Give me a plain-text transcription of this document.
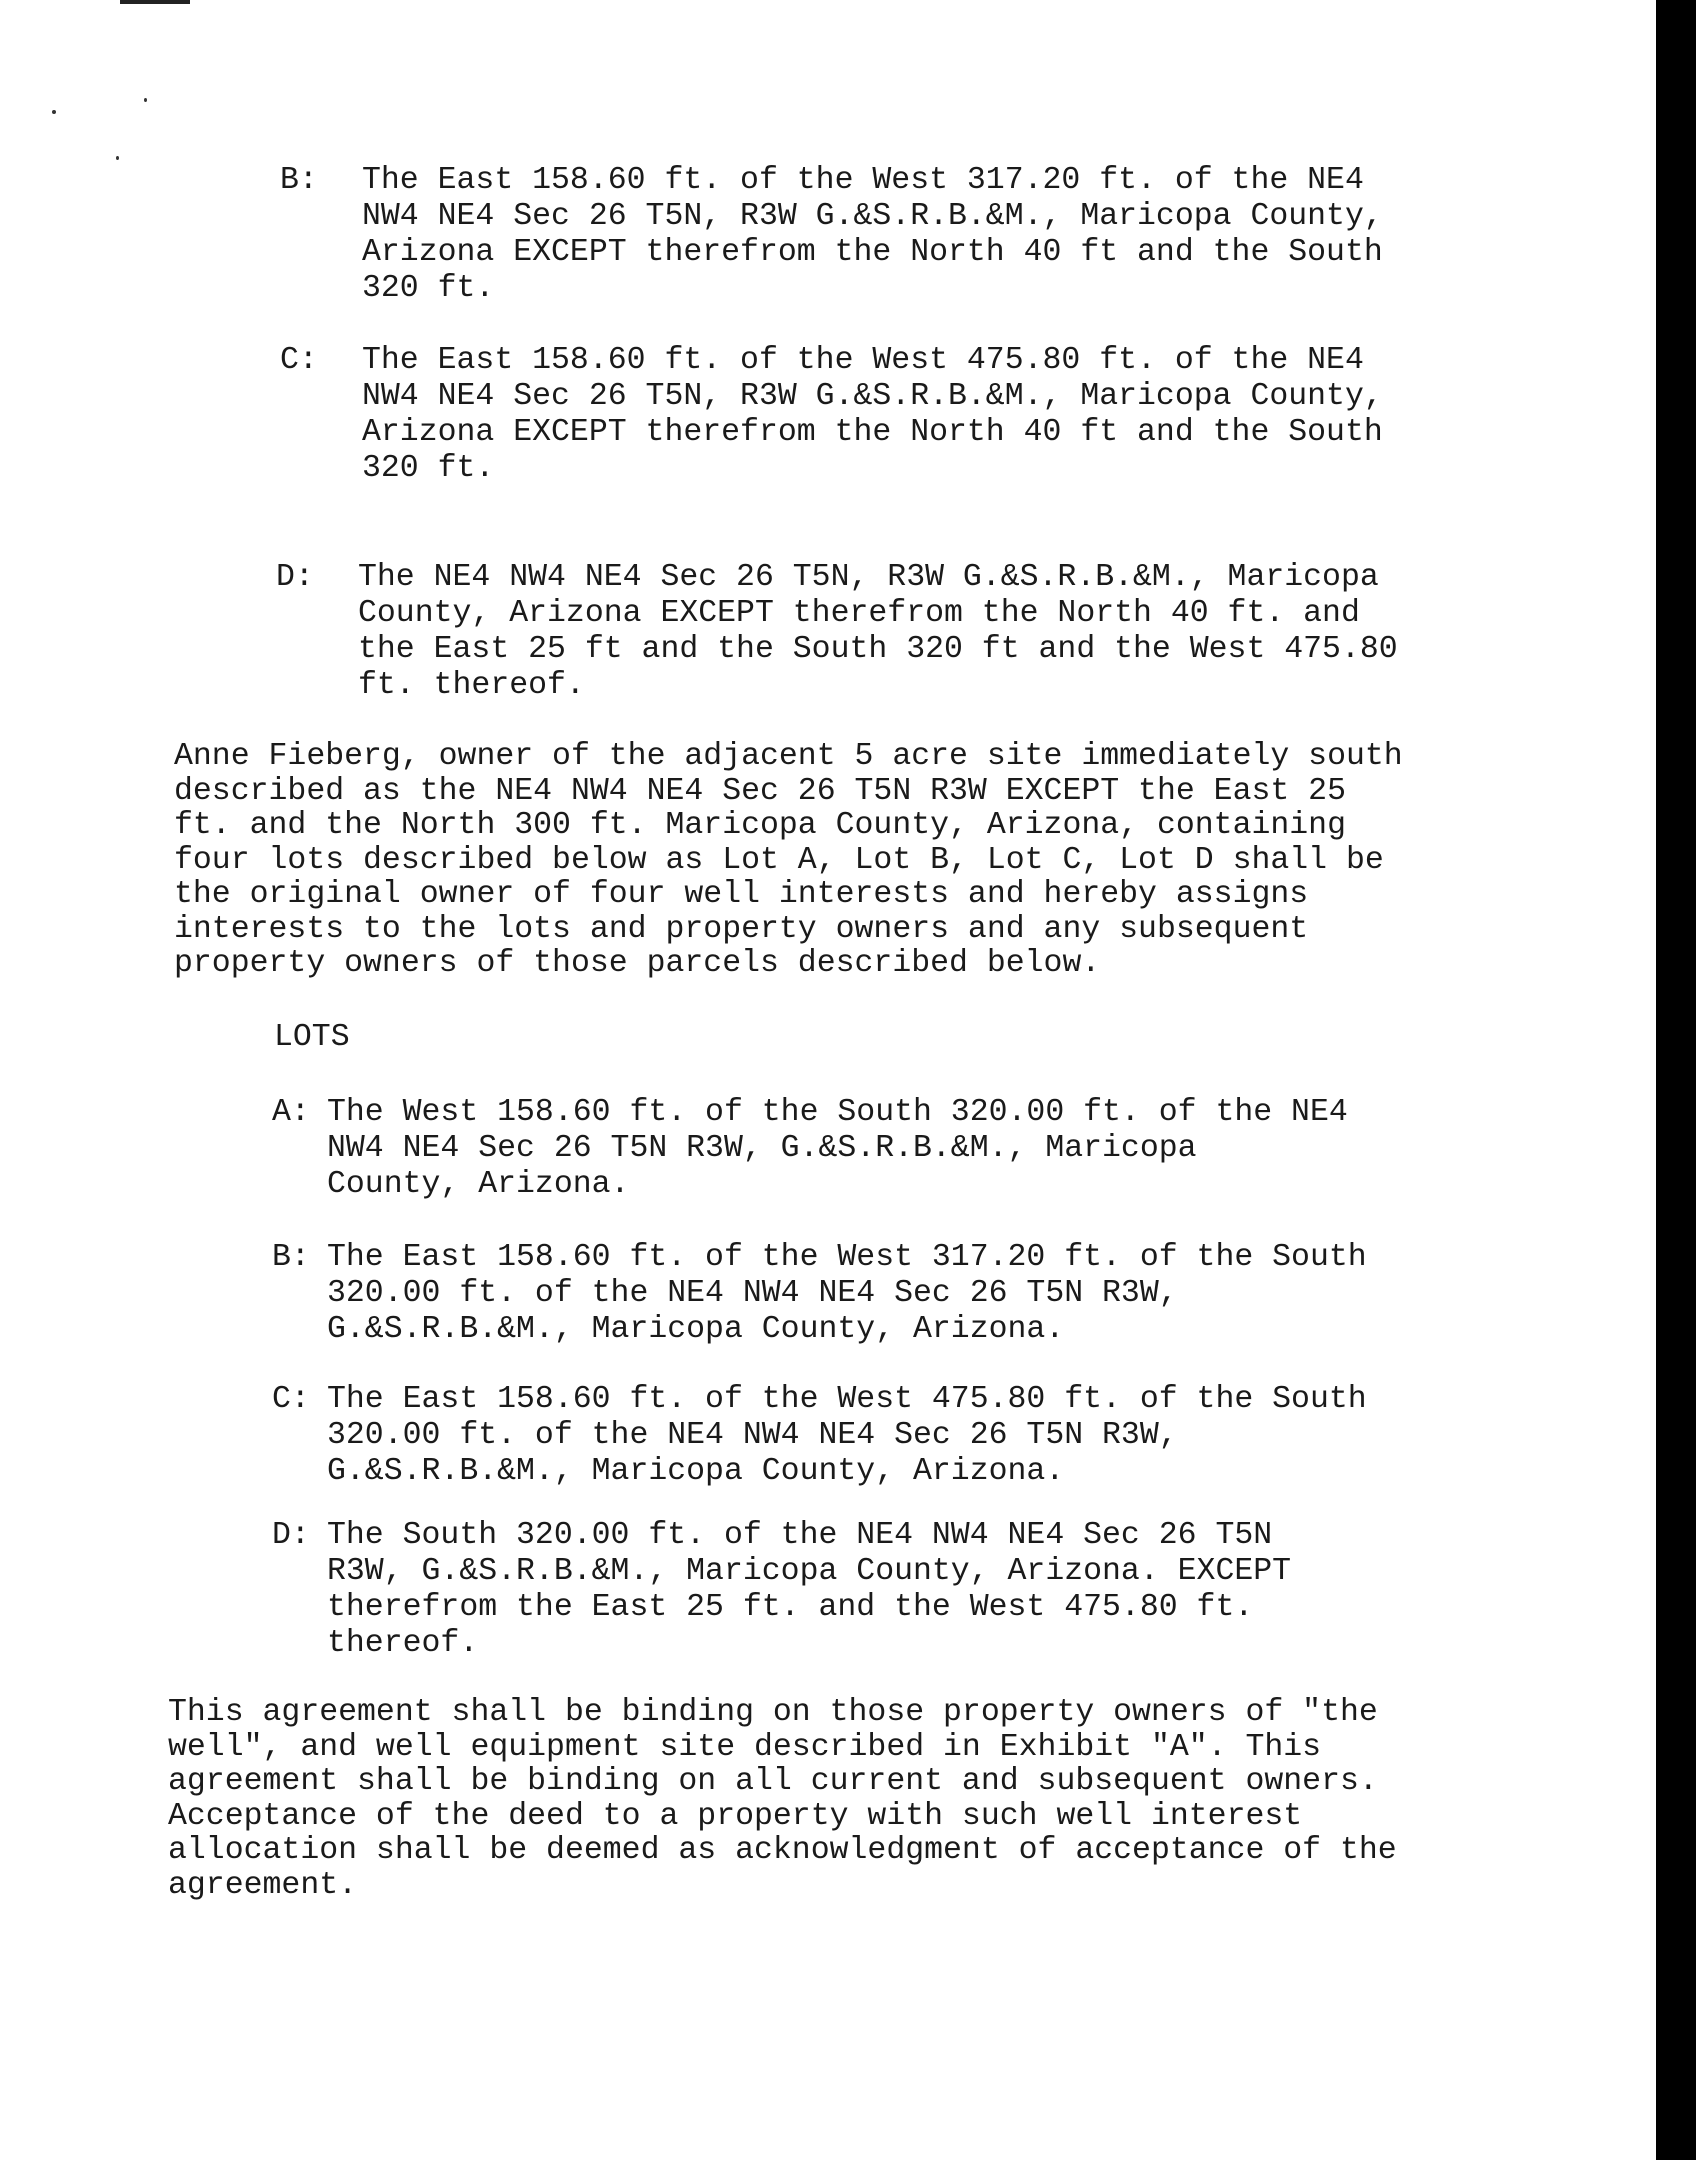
B:	The East 158.60 ft. of the West 317.20 ft. of the NE4
NW4 NE4 Sec 26 T5N, R3W G.&S.R.B.&M., Maricopa County,
Arizona EXCEPT therefrom the North 40 ft and the South
320 ft.
C:	The East 158.60 ft. of the West 475.80 ft. of the NE4
NW4 NE4 Sec 26 T5N, R3W G.&S.R.B.&M., Maricopa County,
Arizona EXCEPT therefrom the North 40 ft and the South
320 ft.
D:	The NE4 NW4 NE4 Sec 26 T5N, R3W G.&S.R.B.&M., Maricopa
County, Arizona EXCEPT therefrom the North 40 ft. and
the East 25 ft and the South 320 ft and the West 475.80
ft. thereof.
Anne Fieberg, owner of the adjacent 5 acre site immediately south
described as the NE4 NW4 NE4 Sec 26 T5N R3W EXCEPT the East 25
ft. and the North 300 ft. Maricopa County, Arizona, containing
four lots described below as Lot A, Lot B, Lot C, Lot D shall be
the original owner of four well interests and hereby assigns
interests to the lots and property owners and any subsequent
property owners of those parcels described below.
LOTS
A: The West 158.60 ft. of the South 320.00 ft. of the NE4
NW4 NE4 Sec 26 T5N R3W, G.&S.R.B.&M., Maricopa
County, Arizona.
B: The East 158.60 ft. of the West 317.20 ft. of the South
320.00 ft. of the NE4 NW4 NE4 Sec 26 T5N R3W,
G.&S.R.B.&M., Maricopa County, Arizona.
C: The East 158.60 ft. of the West 475.80 ft. of the South
320.00 ft. of the NE4 NW4 NE4 Sec 26 T5N R3W,
G.&S.R.B.&M., Maricopa County, Arizona.
D: The South 320.00 ft. of the NE4 NW4 NE4 Sec 26 T5N
R3W, G.&S.R.B.&M., Maricopa County, Arizona. EXCEPT
therefrom the East 25 ft. and the West 475.80 ft.
thereof.
This agreement shall be binding on those property owners of "the
well", and well equipment site described in Exhibit "A". This
agreement shall be binding on all current and subsequent owners.
Acceptance of the deed to a property with such well interest
allocation shall be deemed as acknowledgment of acceptance of the
agreement.
